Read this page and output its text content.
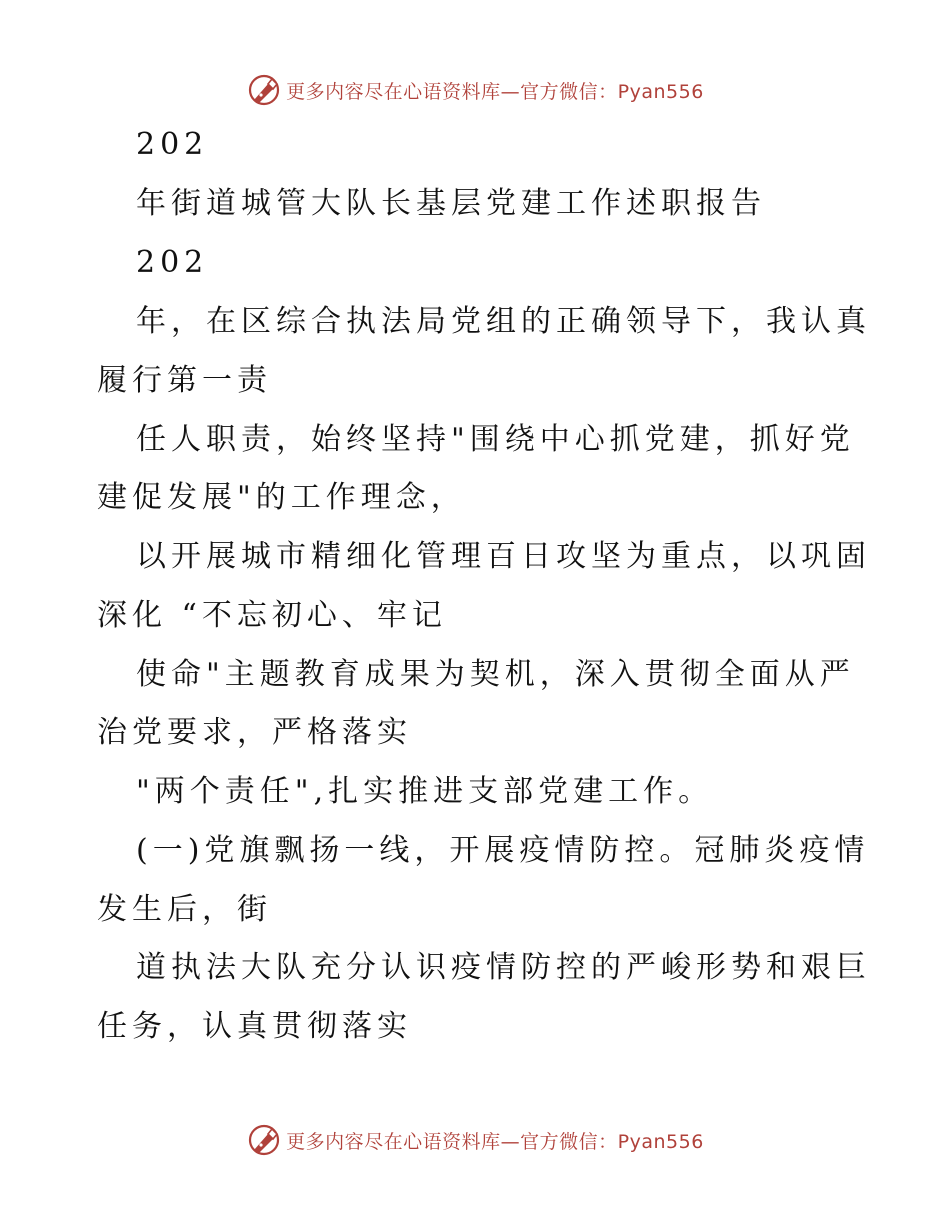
更多内容尽在心语资料库—官方微信：Pyan556
202
年街道城管大队长基层党建工作述职报告
202
年，在区综合执法局党组的正确领导下，我认真
履行第一责
任人职责，始终坚持"围绕中心抓党建，抓好党
建促发展"的工作理念，
以开展城市精细化管理百日攻坚为重点，以巩固
深化 “不忘初心、牢记
使命"主题教育成果为契机，深入贯彻全面从严
治党要求，严格落实
"两个责任",扎实推进支部党建工作。
(一)党旗飘扬一线，开展疫情防控。冠肺炎疫情
发生后，街
道执法大队充分认识疫情防控的严峻形势和艰巨
任务，认真贯彻落实
更多内容尽在心语资料库—官方微信：Pyan556
